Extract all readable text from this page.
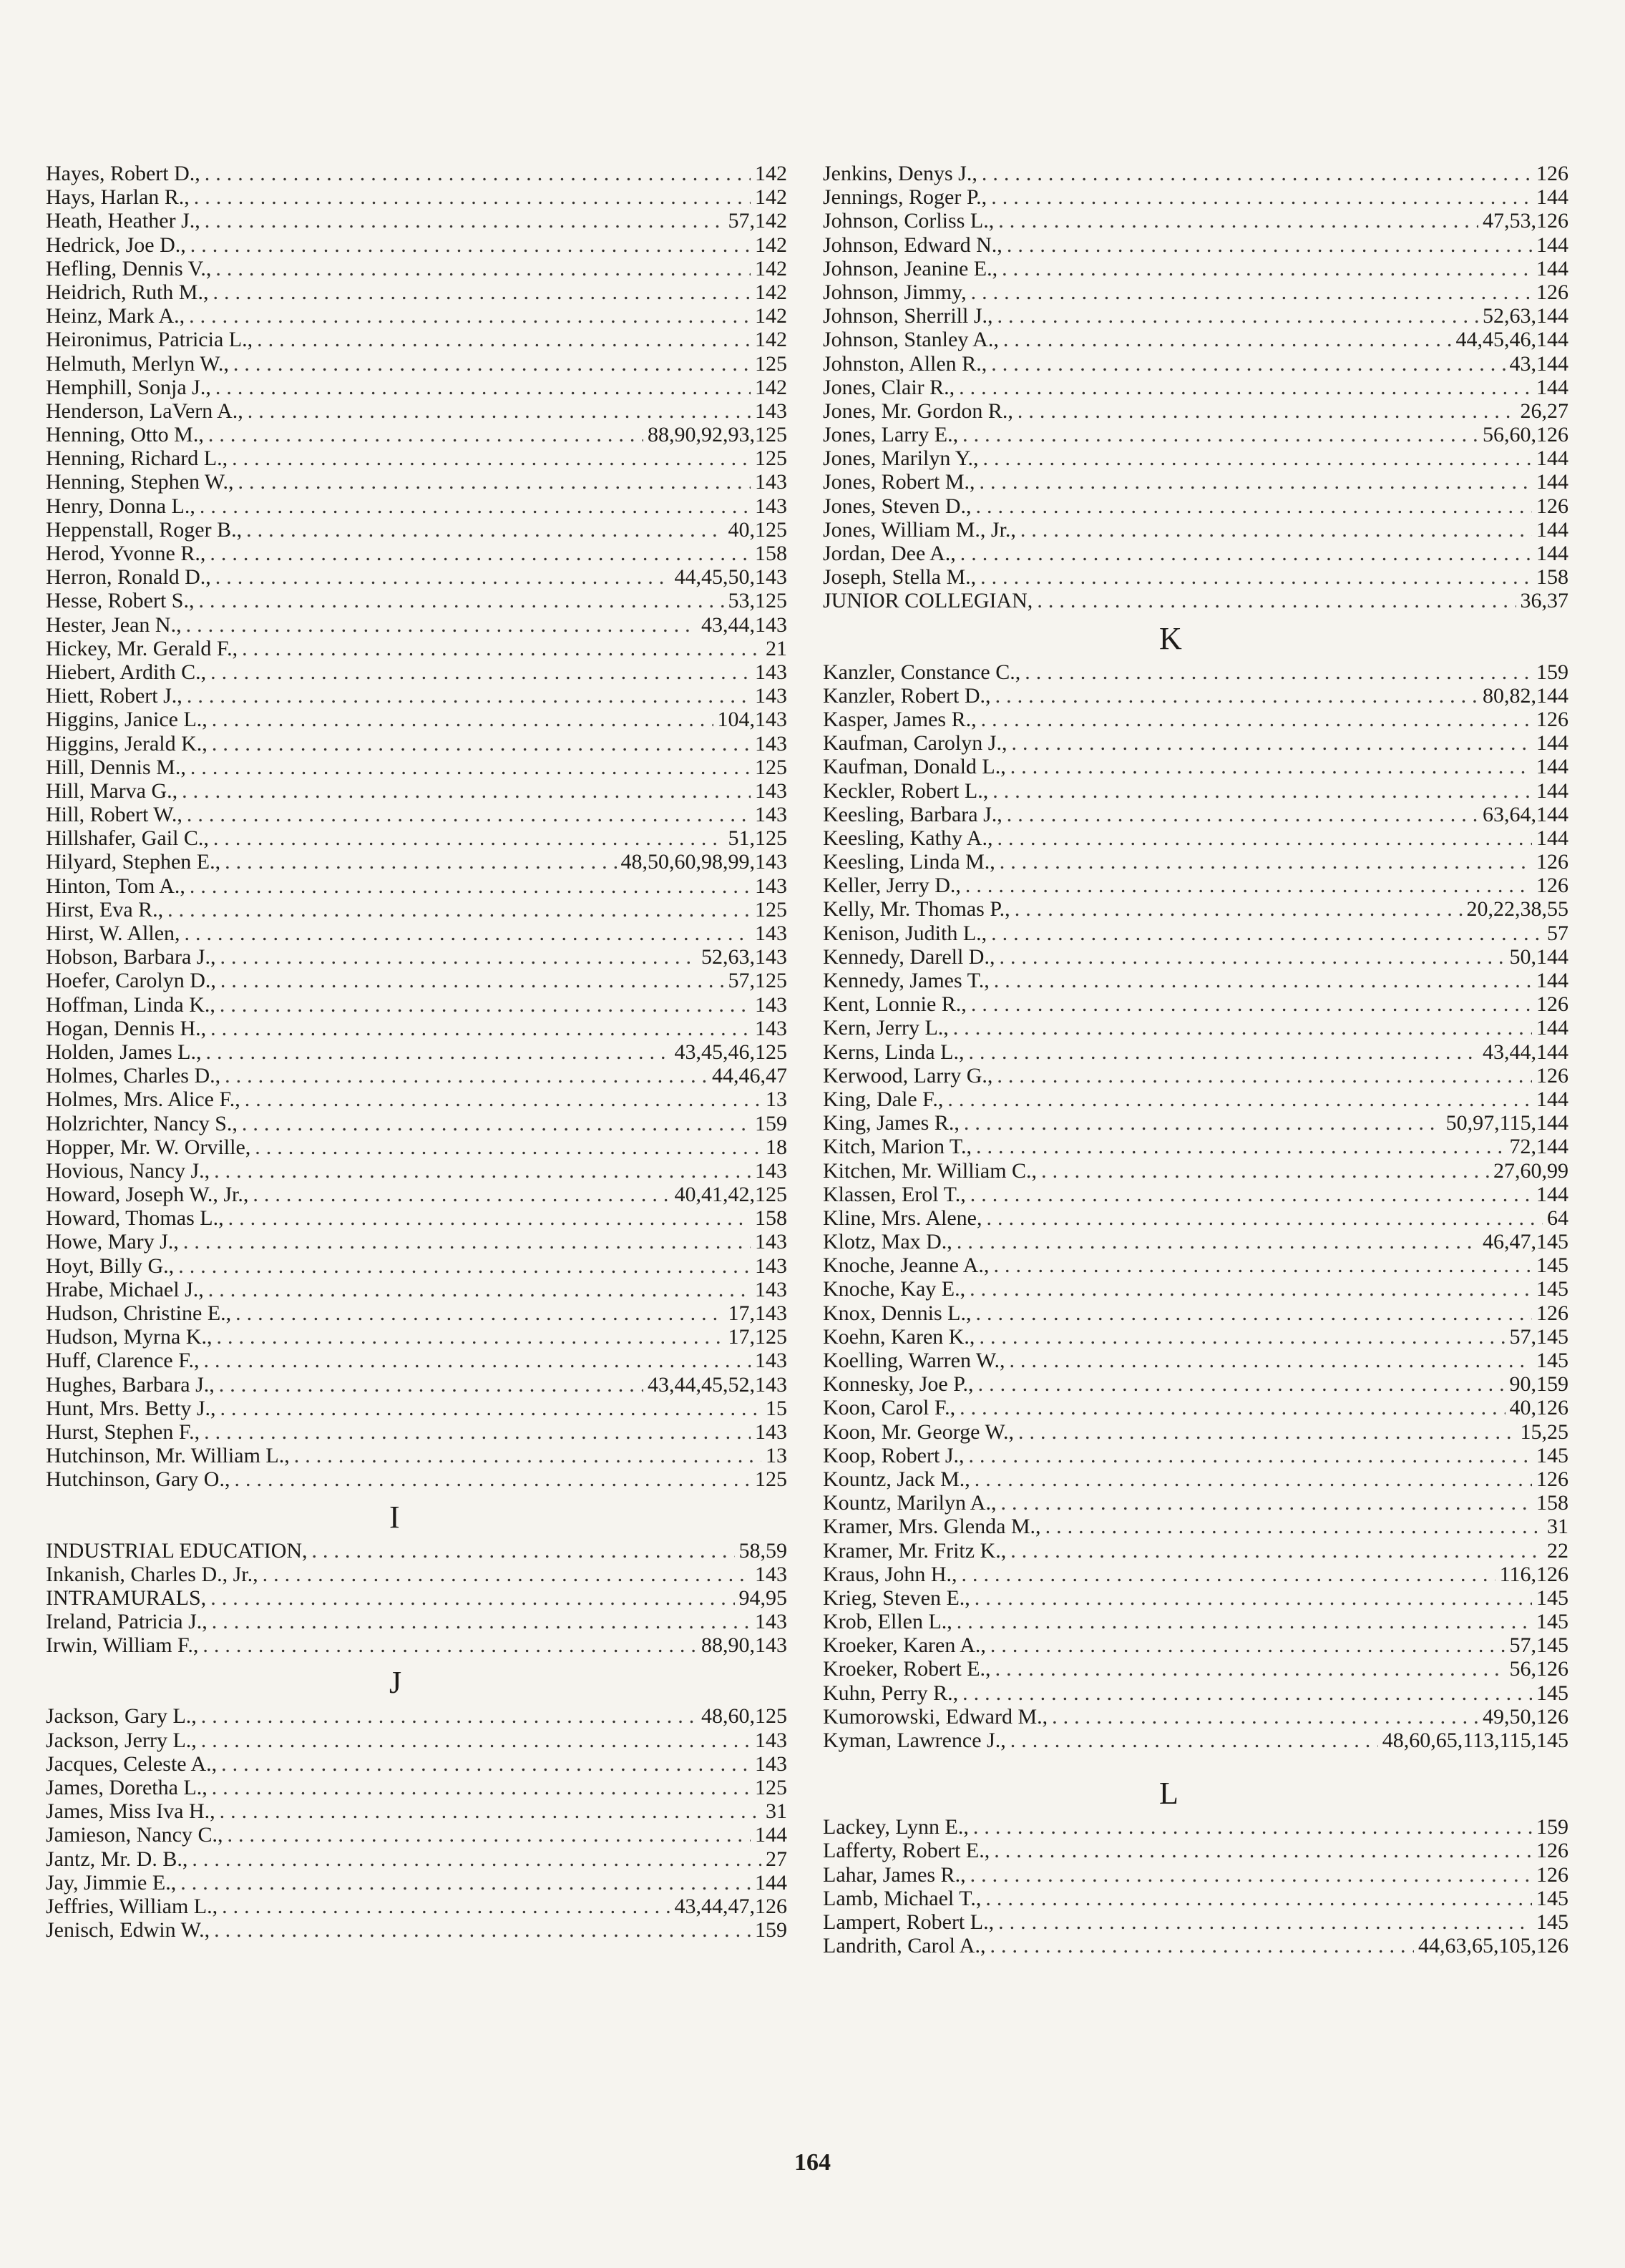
Hayes, Robert D., .....	142
Hays, Harlan R., .....	142
Heath, Heather J., .....	57,142
Hedrick, Joe D., .....	142
Hefling, Dennis V., .....	142
Heidrich, Ruth M., .....	142
Heinz, Mark A., .....	142
Heironimus, Patricia L., .....	142
Helmuth, Merlyn W., .....	125
Hemphill, Sonja J., .....	142
Henderson, LaVern A., .....	143
Henning, Otto M., .....	88,90,92,93,125
Henning, Richard L., .....	125
Henning, Stephen W., .....	143
Henry, Donna L., .....	143
Heppenstall, Roger B., .....	40,125
Herod, Yvonne R., .....	158
Herron, Ronald D., .....	44,45,50,143
Hesse, Robert S., .....	53,125
Hester, Jean N., .....	43,44,143
Hickey, Mr. Gerald F., .....	21
Hiebert, Ardith C., .....	143
Hiett, Robert J., .....	143
Higgins, Janice L., .....	104,143
Higgins, Jerald K., .....	143
Hill, Dennis M., .....	125
Hill, Marva G., .....	143
Hill, Robert W., .....	143
Hillshafer, Gail C., .....	51,125
Hilyard, Stephen E., .....	48,50,60,98,99,143
Hinton, Tom A., .....	143
Hirst, Eva R., .....	125
Hirst, W. Allen, .....	143
Hobson, Barbara J., .....	52,63,143
Hoefer, Carolyn D., .....	57,125
Hoffman, Linda K., .....	143
Hogan, Dennis H., .....	143
Holden, James L., .....	43,45,46,125
Holmes, Charles D., .....	44,46,47
Holmes, Mrs. Alice F., .....	13
Holzrichter, Nancy S., .....	159
Hopper, Mr. W. Orville, .....	18
Hovious, Nancy J., .....	143
Howard, Joseph W., Jr., .....	40,41,42,125
Howard, Thomas L., .....	158
Howe, Mary J., .....	143
Hoyt, Billy G., .....	143
Hrabe, Michael J., .....	143
Hudson, Christine E., .....	17,143
Hudson, Myrna K., .....	17,125
Huff, Clarence F., .....	143
Hughes, Barbara J., .....	43,44,45,52,143
Hunt, Mrs. Betty J., .....	15
Hurst, Stephen F., .....	143
Hutchinson, Mr. William L., .....	13
Hutchinson, Gary O., .....	125
I
INDUSTRIAL EDUCATION, .....	58,59
Inkanish, Charles D., Jr., .....	143
INTRAMURALS, .....	94,95
Ireland, Patricia J., .....	143
Irwin, William F., .....	88,90,143
J
Jackson, Gary L., .....	48,60,125
Jackson, Jerry L., .....	143
Jacques, Celeste A., .....	143
James, Doretha L., .....	125
James, Miss Iva H., .....	31
Jamieson, Nancy C., .....	144
Jantz, Mr. D. B., .....	27
Jay, Jimmie E., .....	144
Jeffries, William L., .....	43,44,47,126
Jenisch, Edwin W., .....	159
Jenkins, Denys J., .....	126
Jennings, Roger P., .....	144
Johnson, Corliss L., .....	47,53,126
Johnson, Edward N., .....	144
Johnson, Jeanine E., .....	144
Johnson, Jimmy, .....	126
Johnson, Sherrill J., .....	52,63,144
Johnson, Stanley A., .....	44,45,46,144
Johnston, Allen R., .....	43,144
Jones, Clair R., .....	144
Jones, Mr. Gordon R., .....	26,27
Jones, Larry E., .....	56,60,126
Jones, Marilyn Y., .....	144
Jones, Robert M., .....	144
Jones, Steven D., .....	126
Jones, William M., Jr., .....	144
Jordan, Dee A., .....	144
Joseph, Stella M., .....	158
JUNIOR COLLEGIAN, .....	36,37
K
Kanzler, Constance C., .....	159
Kanzler, Robert D., .....	80,82,144
Kasper, James R., .....	126
Kaufman, Carolyn J., .....	144
Kaufman, Donald L., .....	144
Keckler, Robert L., .....	144
Keesling, Barbara J., .....	63,64,144
Keesling, Kathy A., .....	144
Keesling, Linda M., .....	126
Keller, Jerry D., .....	126
Kelly, Mr. Thomas P., .....	20,22,38,55
Kenison, Judith L., .....	57
Kennedy, Darell D., .....	50,144
Kennedy, James T., .....	144
Kent, Lonnie R., .....	126
Kern, Jerry L., .....	144
Kerns, Linda L., .....	43,44,144
Kerwood, Larry G., .....	126
King, Dale F., .....	144
King, James R., .....	50,97,115,144
Kitch, Marion T., .....	72,144
Kitchen, Mr. William C., .....	27,60,99
Klassen, Erol T., .....	144
Kline, Mrs. Alene, .....	64
Klotz, Max D., .....	46,47,145
Knoche, Jeanne A., .....	145
Knoche, Kay E., .....	145
Knox, Dennis L., .....	126
Koehn, Karen K., .....	57,145
Koelling, Warren W., .....	145
Konnesky, Joe P., .....	90,159
Koon, Carol F., .....	40,126
Koon, Mr. George W., .....	15,25
Koop, Robert J., .....	145
Kountz, Jack M., .....	126
Kountz, Marilyn A., .....	158
Kramer, Mrs. Glenda M., .....	31
Kramer, Mr. Fritz K., .....	22
Kraus, John H., .....	116,126
Krieg, Steven E., .....	145
Krob, Ellen L., .....	145
Kroeker, Karen A., .....	57,145
Kroeker, Robert E., .....	56,126
Kuhn, Perry R., .....	145
Kumorowski, Edward M., .....	49,50,126
Kyman, Lawrence J., .....	48,60,65,113,115,145
L
Lackey, Lynn E., .....	159
Lafferty, Robert E., .....	126
Lahar, James R., .....	126
Lamb, Michael T., .....	145
Lampert, Robert L., .....	145
Landrith, Carol A., .....	44,63,65,105,126
164
